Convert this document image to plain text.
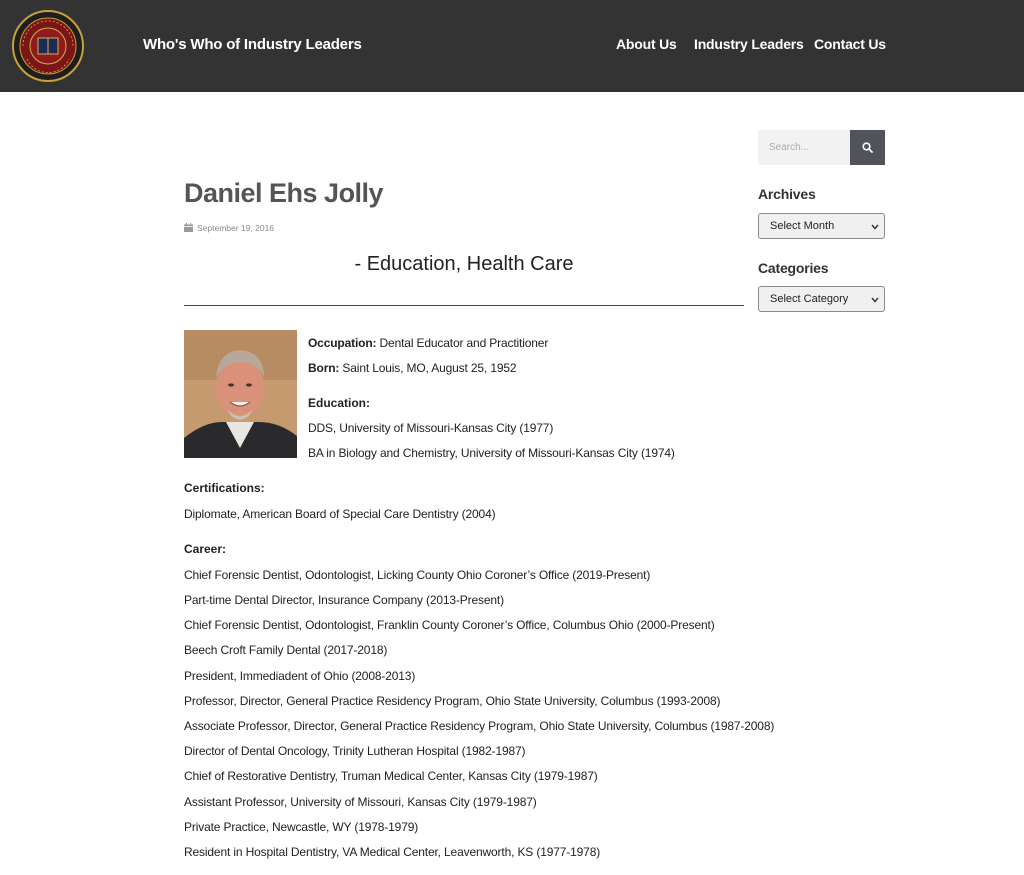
Who's Who of Industry Leaders	About Us Industry Leaders Contact Us
Daniel Ehs Jolly
September 19, 2016
- Education, Health Care
Occupation: Dental Educator and Practitioner
Born: Saint Louis, MO, August 25, 1952
Education:
DDS, University of Missouri-Kansas City (1977)
BA in Biology and Chemistry, University of Missouri-Kansas City (1974)
Certifications:
Diplomate, American Board of Special Care Dentistry (2004)
Career:
Chief Forensic Dentist, Odontologist, Licking County Ohio Coroner’s Office (2019-Present)
Part-time Dental Director, Insurance Company (2013-Present)
Chief Forensic Dentist, Odontologist, Franklin County Coroner’s Office, Columbus Ohio (2000-Present)
Beech Croft Family Dental (2017-2018)
President, Immediadent of Ohio (2008-2013)
Professor, Director, General Practice Residency Program, Ohio State University, Columbus (1993-2008)
Associate Professor, Director, General Practice Residency Program, Ohio State University, Columbus (1987-2008)
Director of Dental Oncology, Trinity Lutheran Hospital (1982-1987)
Chief of Restorative Dentistry, Truman Medical Center, Kansas City (1979-1987)
Assistant Professor, University of Missouri, Kansas City (1979-1987)
Private Practice, Newcastle, WY (1978-1979)
Resident in Hospital Dentistry, VA Medical Center, Leavenworth, KS (1977-1978)
Search...
Archives
Select Month
Categories
Select Category
